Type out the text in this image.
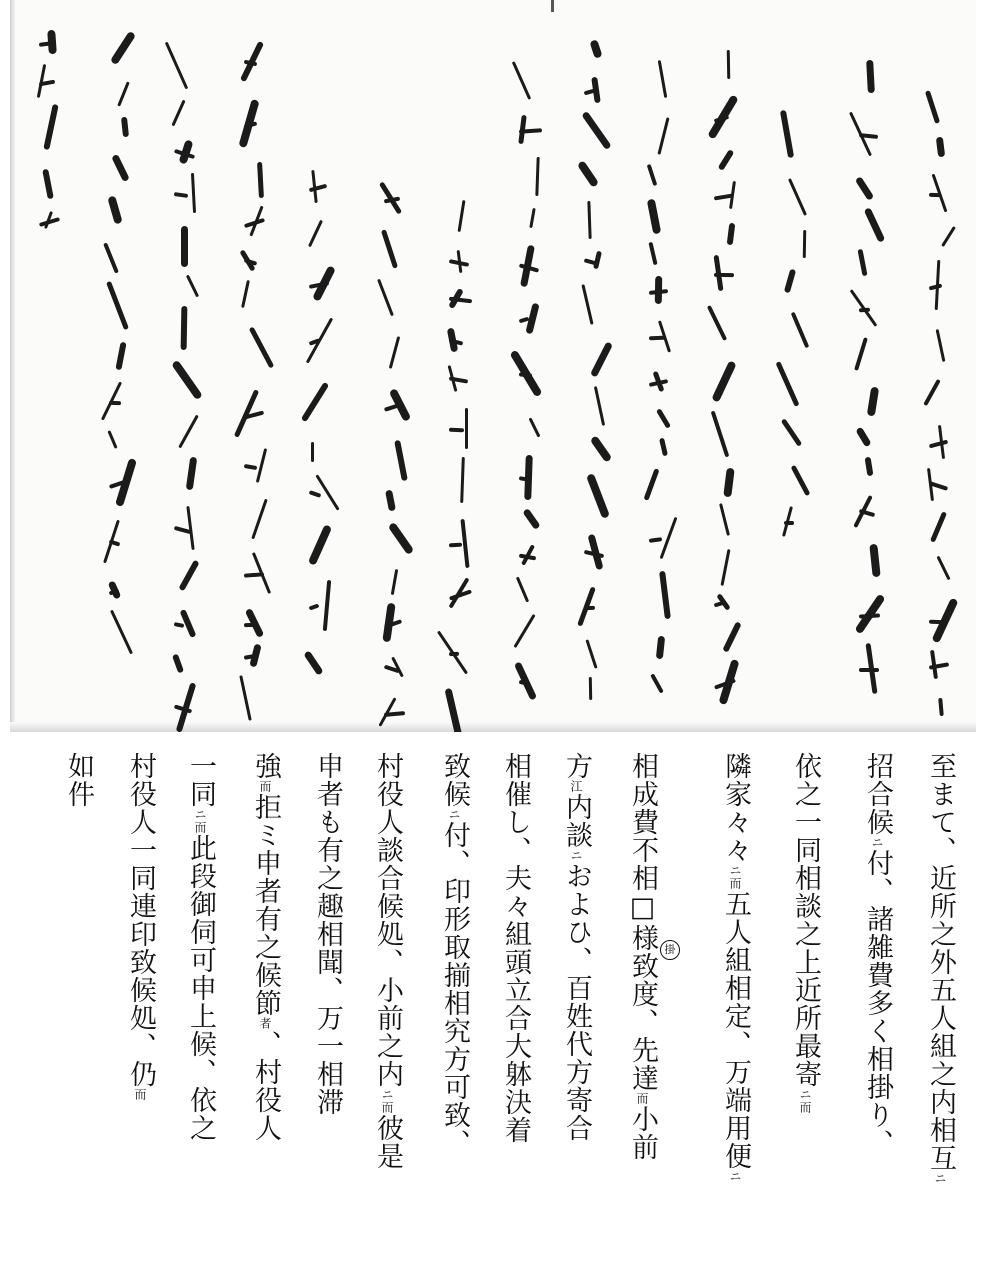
至まて、近所之外五人組之内相互ニ
招合候ニ付、諸雑費多く相掛り、
依之一同相談之上近所最寄ニ而
隣家々々ニ而五人組相定、万端用便ニ
掛
相成費不相□様致度、先達而小前
方江内談ニおよひ、百姓代方寄合
相催し、夫々組頭立合大躰決着
致候ニ付、印形取揃相究方可致、
村役人談合候処、小前之内ニ而彼是
申者も有之趣相聞、万一相滞
強而拒ミ申者有之候節者、村役人
一同ニ而此段御伺可申上候、依之
村役人一同連印致候処、仍而
如件
